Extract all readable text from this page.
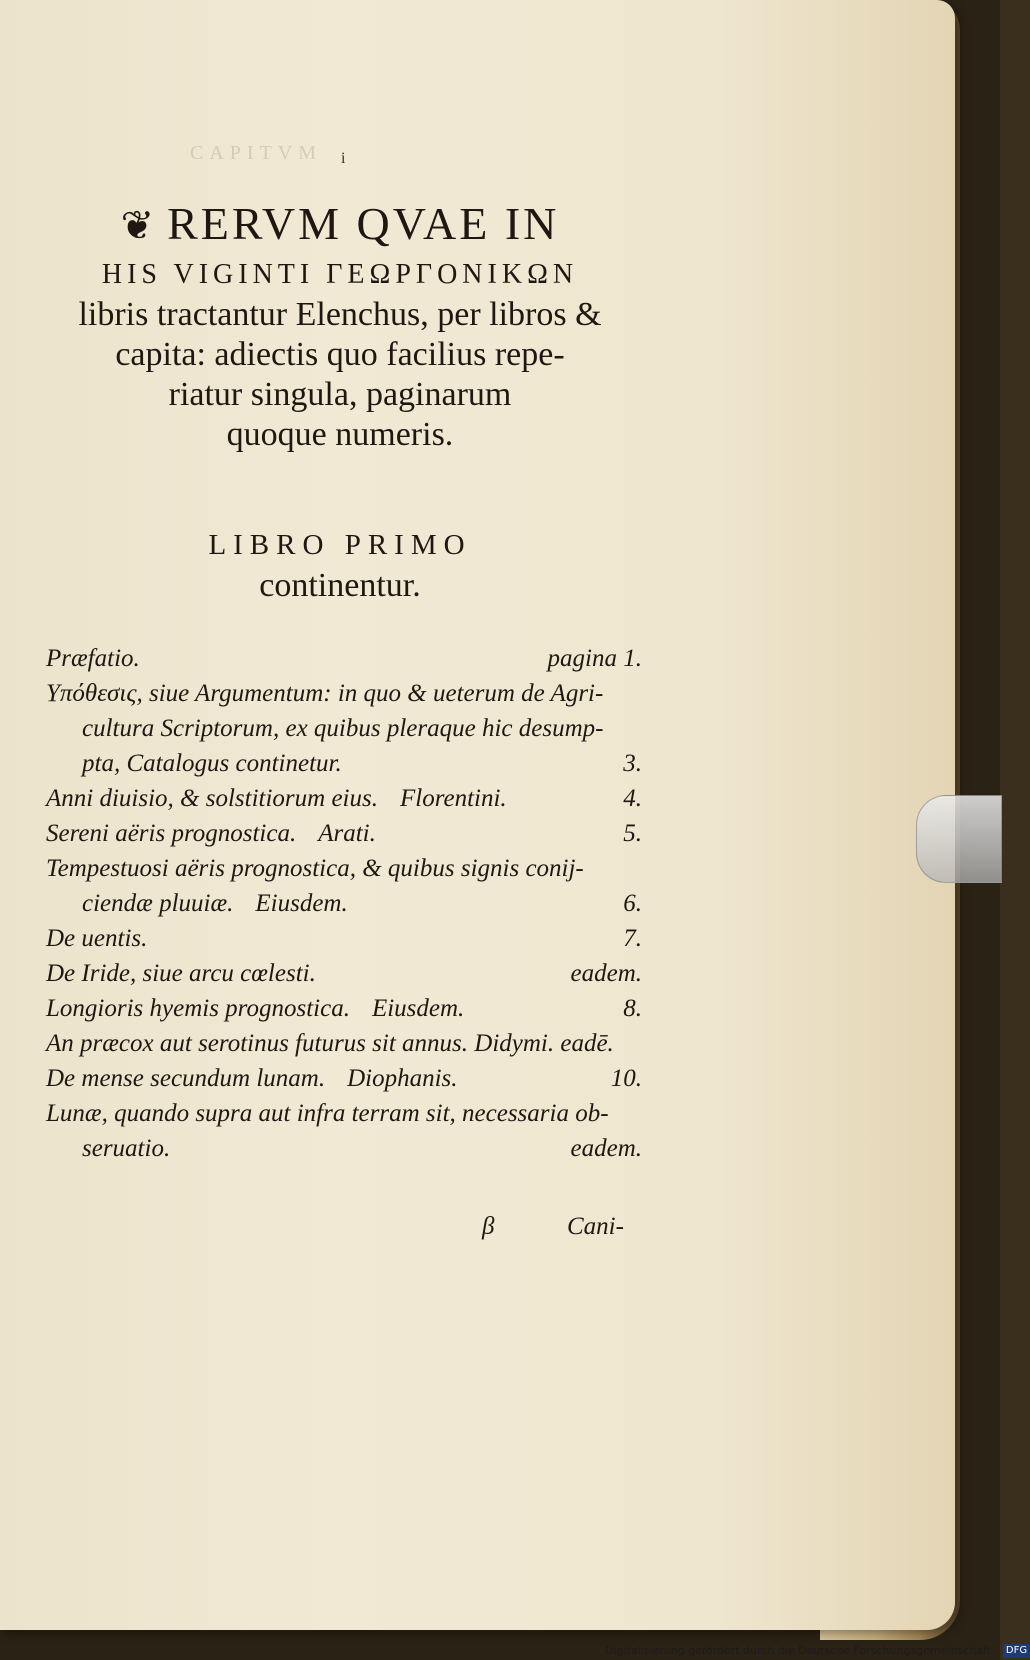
CAPITVM i
❦ RERVM QVAE IN
HIS VIGINTI ΓΕΩΡΓΟΝΙΚΩΝ
libris tractantur Elenchus, per libros &
capita: adiectis quo facilius repe-
riatur singula, paginarum
quoque numeris.
LIBRO PRIMO
continentur.
Præfatio.	pagina 1.
Υπόθεσις, siue Argumentum: in quo & ueterum de Agri-
cultura Scriptorum, ex quibus pleraque hic desump-
pta, Catalogus continetur.	3.
Anni diuisio, & solstitiorum eius. Florentini.	4.
Sereni aëris prognostica. Arati.	5.
Tempestuosi aëris prognostica, & quibus signis conij-
ciendæ pluuiæ. Eiusdem.	6.
De uentis.	7.
De Iride, siue arcu cœlesti.	eadem.
Longioris hyemis prognostica. Eiusdem.	8.
An præcox aut serotinus futurus sit annus. Didymi. eadē.
De mense secundum lunam. Diophanis.	10.
Lunæ, quando supra aut infra terram sit, necessaria ob-
seruatio.	eadem.
β	Cani-
Digitalisierung gefördert durch die Deutsche Forschungsgemeinschaft · DFG
